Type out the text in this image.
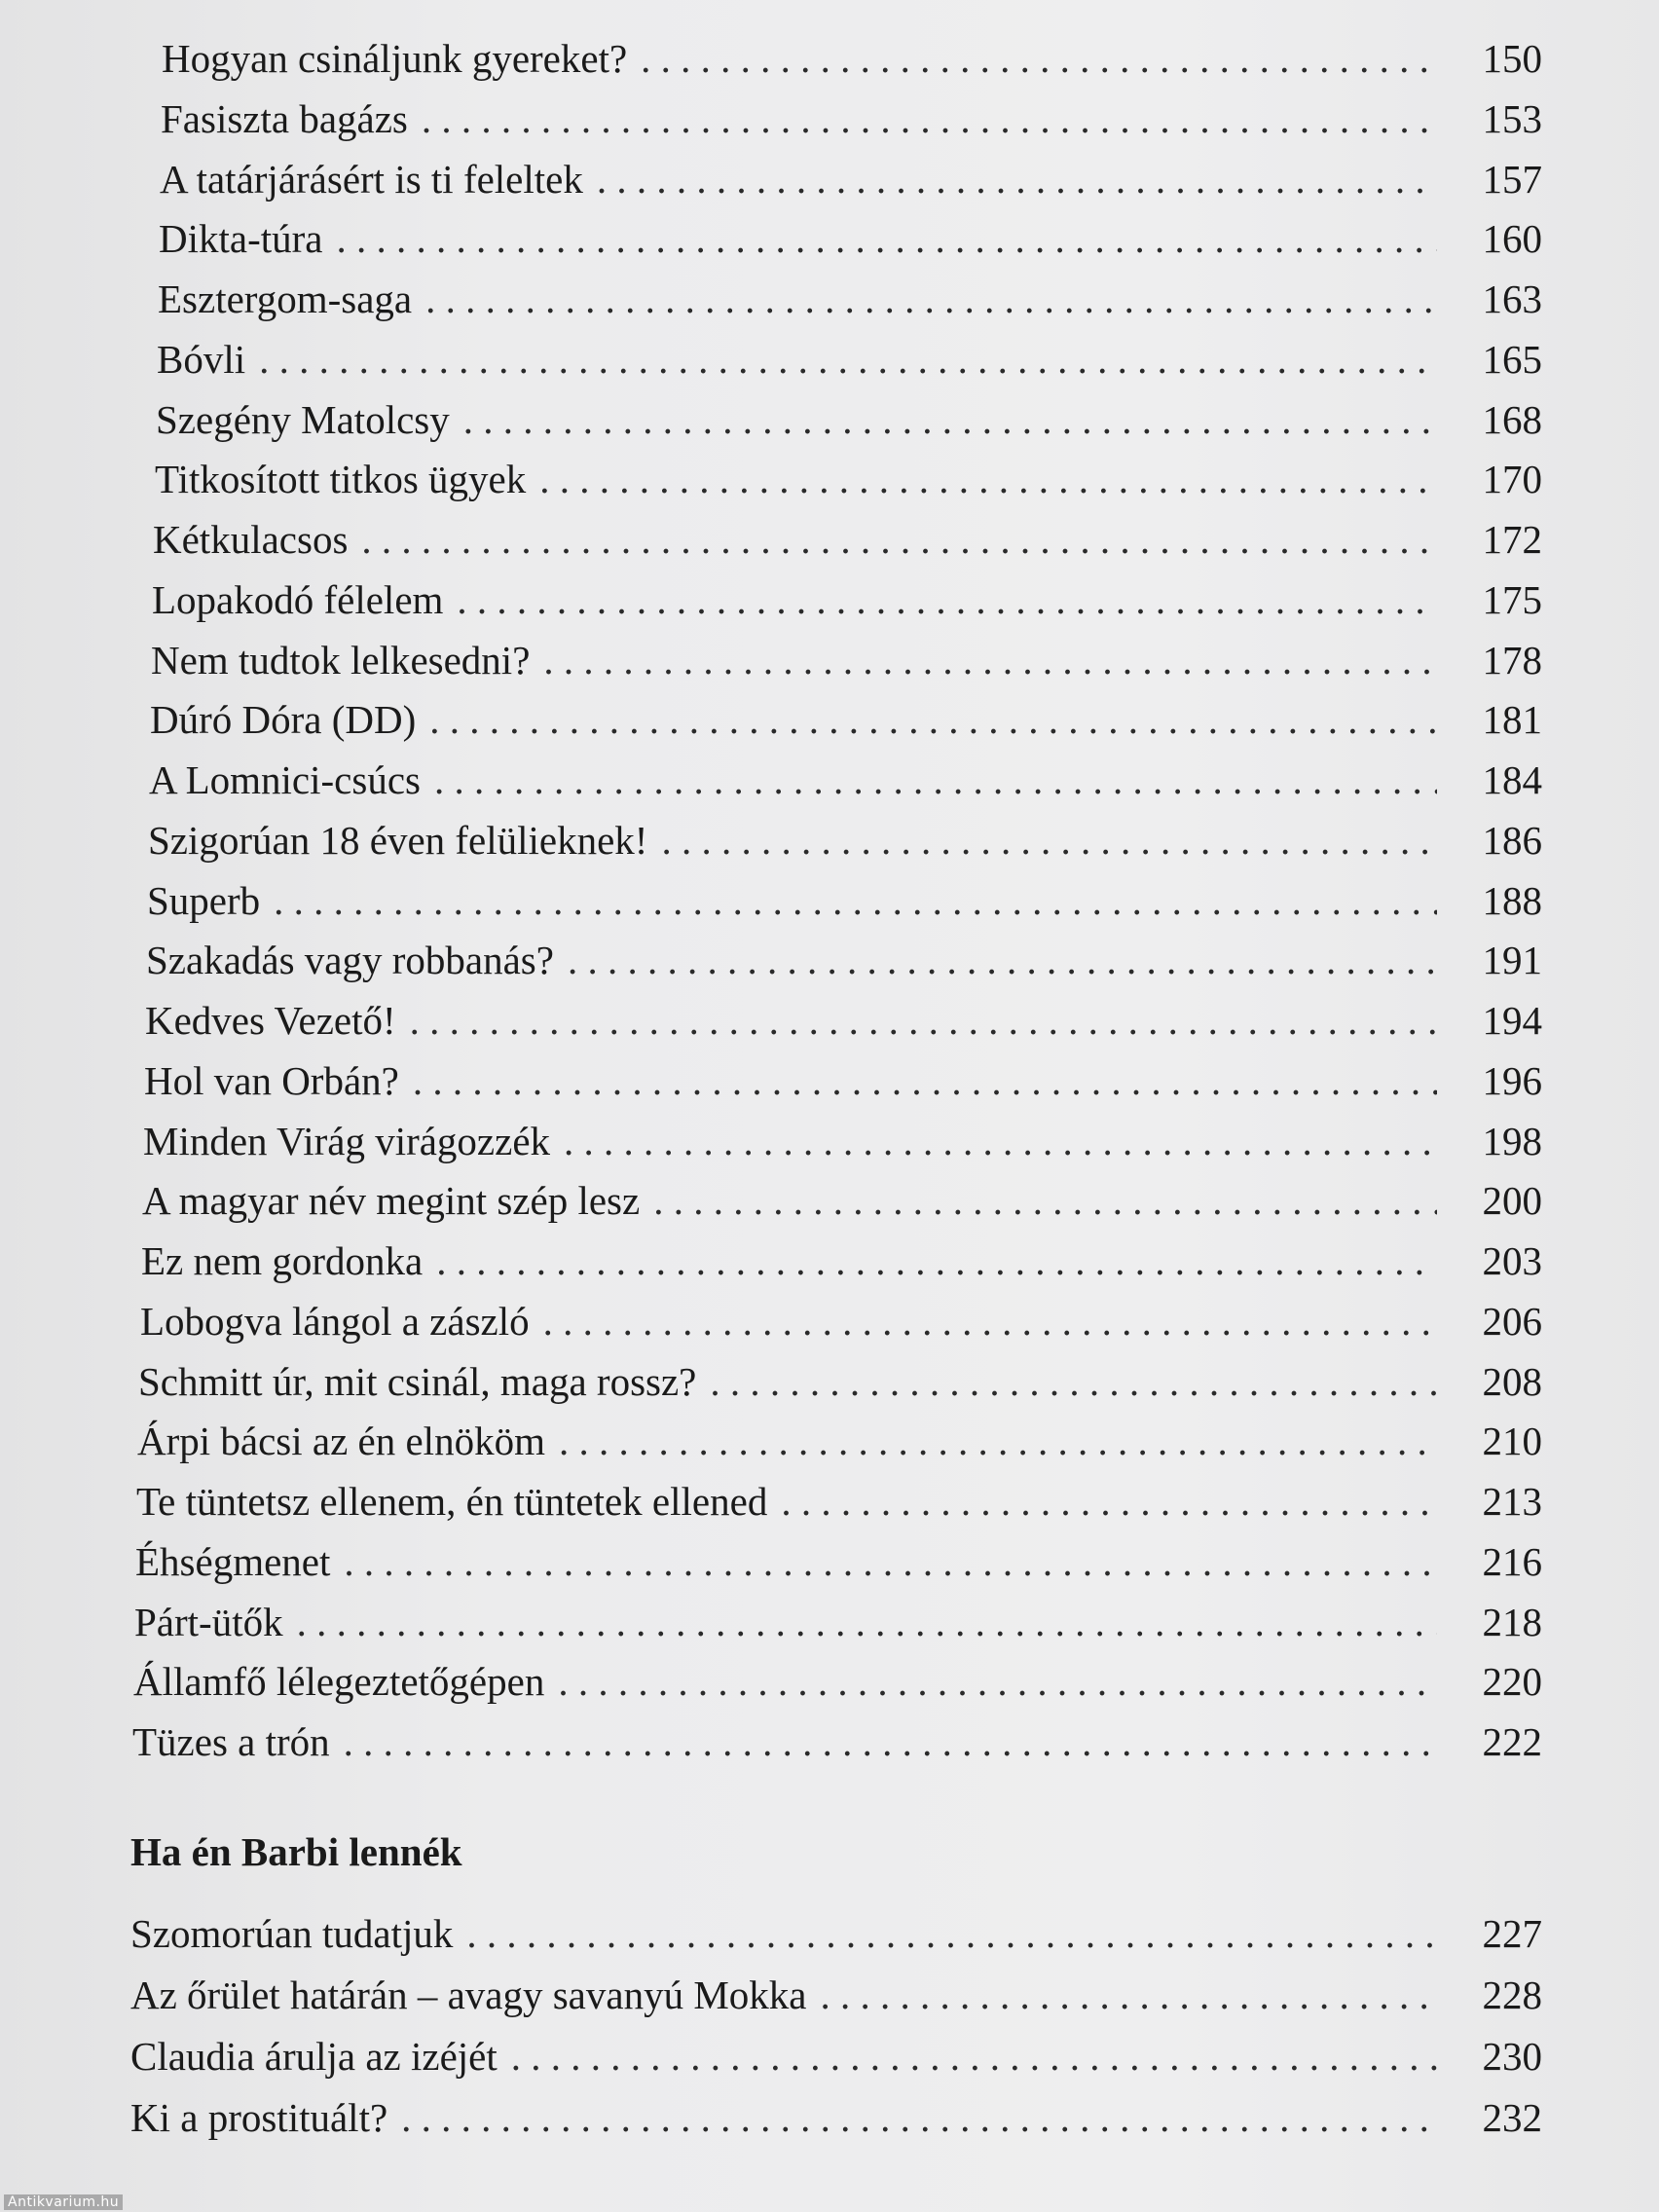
Hogyan csináljunk gyereket? . . .	150
Fasiszta bagázs . . .	153
A tatárjárásért is ti feleltek . . .	157
Dikta-túra . . .	160
Esztergom-saga . . .	163
Bóvli . . .	165
Szegény Matolcsy . . .	168
Titkosított titkos ügyek . . .	170
Kétkulacsos . . .	172
Lopakodó félelem . . .	175
Nem tudtok lelkesedni? . . .	178
Dúró Dóra (DD) . . .	181
A Lomnici-csúcs . . .	184
Szigorúan 18 éven felülieknek! . . .	186
Superb . . .	188
Szakadás vagy robbanás? . . .	191
Kedves Vezető! . . .	194
Hol van Orbán? . . .	196
Minden Virág virágozzék . . .	198
A magyar név megint szép lesz . . .	200
Ez nem gordonka . . .	203
Lobogva lángol a zászló . . .	206
Schmitt úr, mit csinál, maga rossz? . . .	208
Árpi bácsi az én elnököm . . .	210
Te tüntetsz ellenem, én tüntetek ellened . . .	213
Éhségmenet . . .	216
Párt-ütők . . .	218
Államfő lélegeztetőgépen . . .	220
Tüzes a trón . . .	222
Szomorúan tudatjuk . . .	227
Az őrület határán – avagy savanyú Mokka . . .	228
Claudia árulja az izéjét . . .	230
Ki a prostituált? . . .	232
Ha én Barbi lennék
Antikvarium.hu
